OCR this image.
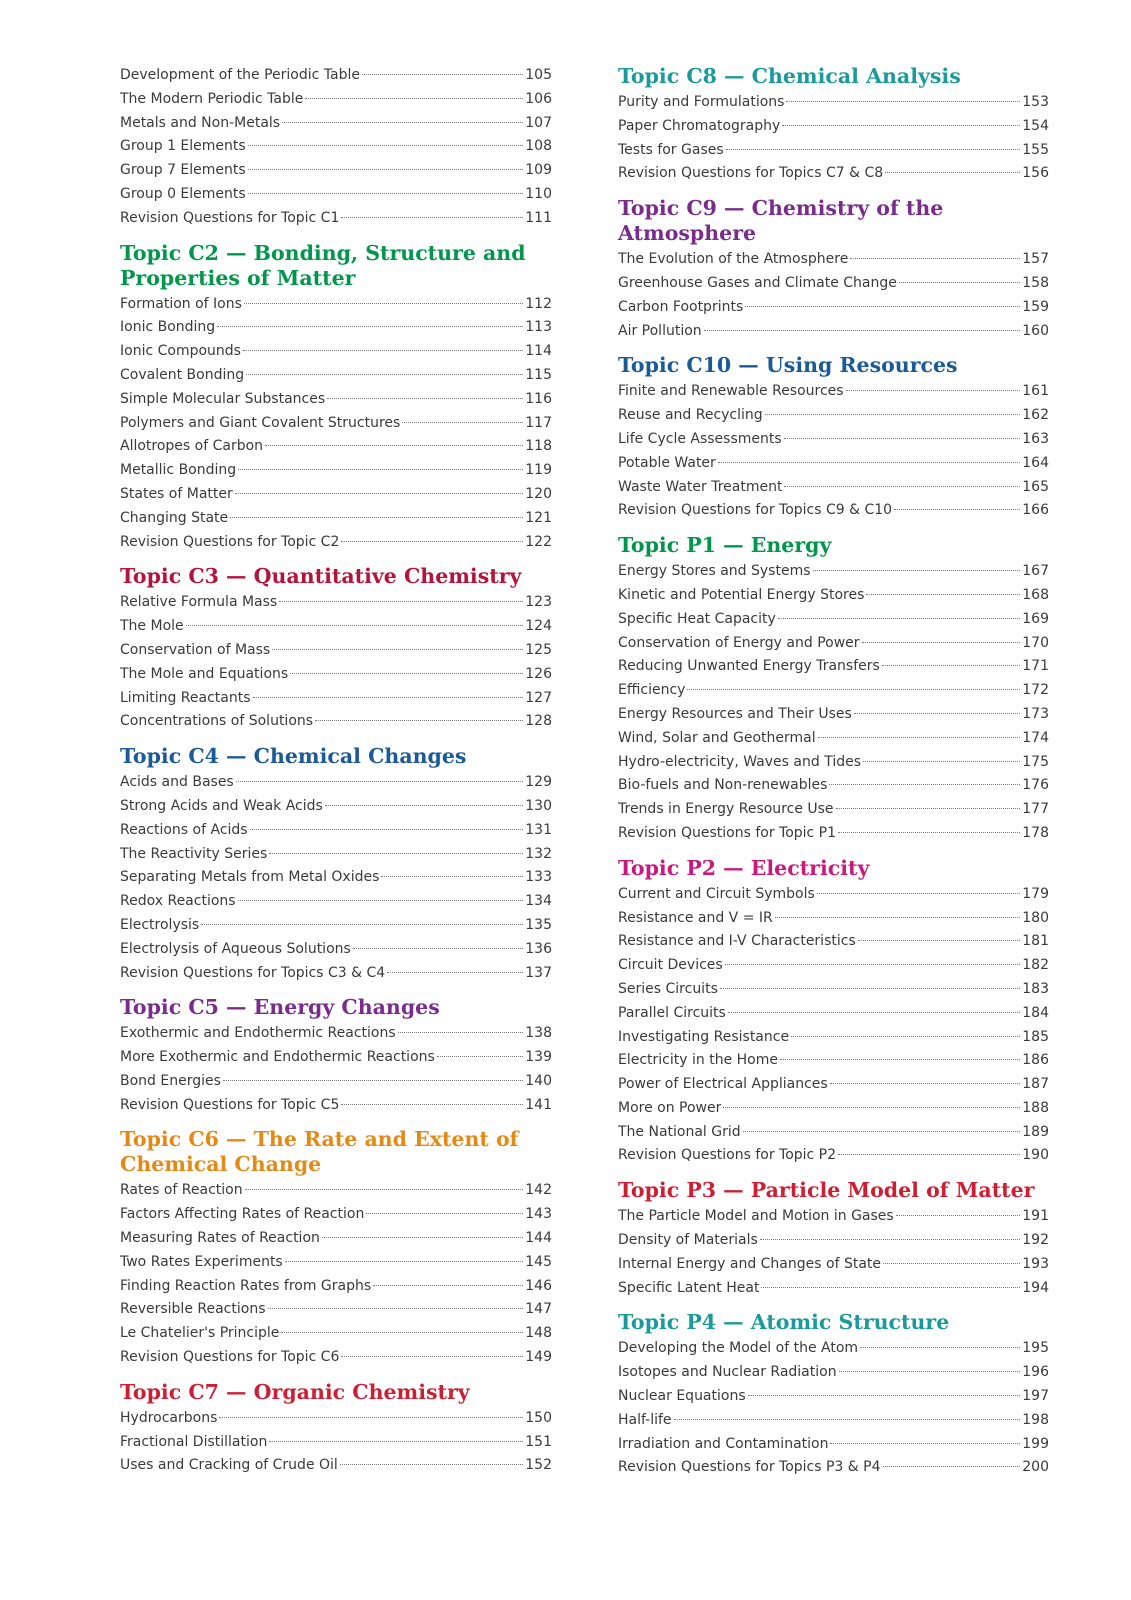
Development of the Periodic Table	105
The Modern Periodic Table	106
Metals and Non-Metals	107
Group 1 Elements	108
Group 7 Elements	109
Group 0 Elements	110
Revision Questions for Topic C1	111
Topic C2 — Bonding, Structure and
Properties of Matter
Formation of Ions	112
Ionic Bonding	113
Ionic Compounds	114
Covalent Bonding	115
Simple Molecular Substances	116
Polymers and Giant Covalent Structures	117
Allotropes of Carbon	118
Metallic Bonding	119
States of Matter	120
Changing State	121
Revision Questions for Topic C2	122
Topic C3 — Quantitative Chemistry
Relative Formula Mass	123
The Mole	124
Conservation of Mass	125
The Mole and Equations	126
Limiting Reactants	127
Concentrations of Solutions	128
Topic C4 — Chemical Changes
Acids and Bases	129
Strong Acids and Weak Acids	130
Reactions of Acids	131
The Reactivity Series	132
Separating Metals from Metal Oxides	133
Redox Reactions	134
Electrolysis	135
Electrolysis of Aqueous Solutions	136
Revision Questions for Topics C3 & C4	137
Topic C5 — Energy Changes
Exothermic and Endothermic Reactions	138
More Exothermic and Endothermic Reactions	139
Bond Energies	140
Revision Questions for Topic C5	141
Topic C6 — The Rate and Extent of
Chemical Change
Rates of Reaction	142
Factors Affecting Rates of Reaction	143
Measuring Rates of Reaction	144
Two Rates Experiments	145
Finding Reaction Rates from Graphs	146
Reversible Reactions	147
Le Chatelier's Principle	148
Revision Questions for Topic C6	149
Topic C7 — Organic Chemistry
Hydrocarbons	150
Fractional Distillation	151
Uses and Cracking of Crude Oil	152
Topic C8 — Chemical Analysis
Purity and Formulations	153
Paper Chromatography	154
Tests for Gases	155
Revision Questions for Topics C7 & C8	156
Topic C9 — Chemistry of the Atmosphere
The Evolution of the Atmosphere	157
Greenhouse Gases and Climate Change	158
Carbon Footprints	159
Air Pollution	160
Topic C10 — Using Resources
Finite and Renewable Resources	161
Reuse and Recycling	162
Life Cycle Assessments	163
Potable Water	164
Waste Water Treatment	165
Revision Questions for Topics C9 & C10	166
Topic P1 — Energy
Energy Stores and Systems	167
Kinetic and Potential Energy Stores	168
Specific Heat Capacity	169
Conservation of Energy and Power	170
Reducing Unwanted Energy Transfers	171
Efficiency	172
Energy Resources and Their Uses	173
Wind, Solar and Geothermal	174
Hydro-electricity, Waves and Tides	175
Bio-fuels and Non-renewables	176
Trends in Energy Resource Use	177
Revision Questions for Topic P1	178
Topic P2 — Electricity
Current and Circuit Symbols	179
Resistance and V = IR	180
Resistance and I-V Characteristics	181
Circuit Devices	182
Series Circuits	183
Parallel Circuits	184
Investigating Resistance	185
Electricity in the Home	186
Power of Electrical Appliances	187
More on Power	188
The National Grid	189
Revision Questions for Topic P2	190
Topic P3 — Particle Model of Matter
The Particle Model and Motion in Gases	191
Density of Materials	192
Internal Energy and Changes of State	193
Specific Latent Heat	194
Topic P4 — Atomic Structure
Developing the Model of the Atom	195
Isotopes and Nuclear Radiation	196
Nuclear Equations	197
Half-life	198
Irradiation and Contamination	199
Revision Questions for Topics P3 & P4	200
